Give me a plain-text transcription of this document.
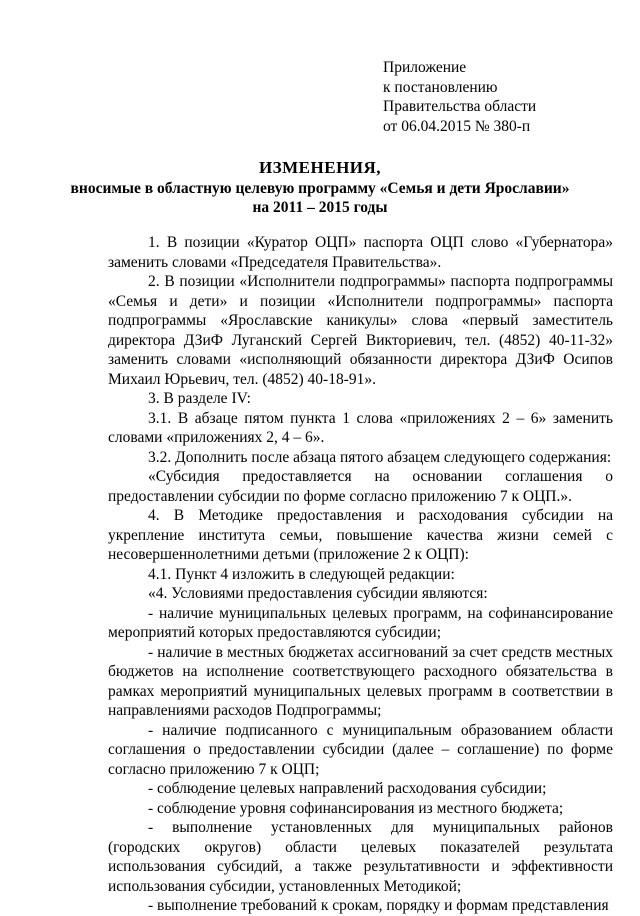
Приложение
к постановлению
Правительства области
от 06.04.2015 № 380-п
ИЗМЕНЕНИЯ,
вносимые в областную целевую программу «Семья и дети Ярославии»
на 2011 – 2015 годы

1. В позиции «Куратор ОЦП» паспорта ОЦП слово «Губернатора» заменить словами «Председателя Правительства».

2. В позиции «Исполнители подпрограммы» паспорта подпрограммы «Семья и дети» и позиции «Исполнители подпрограммы» паспорта подпрограммы «Ярославские каникулы» слова «первый заместитель директора ДЗиФ Луганский Сергей Викториевич, тел. (4852) 40-11-32» заменить словами «исполняющий обязанности директора ДЗиФ Осипов Михаил Юрьевич, тел. (4852) 40-18-91».

3. В разделе IV:

3.1. В абзаце пятом пункта 1 слова «приложениях 2 – 6» заменить словами «приложениях 2, 4 – 6».

3.2. Дополнить после абзаца пятого абзацем следующего содержания:

«Субсидия предоставляется на основании соглашения о предоставлении субсидии по форме согласно приложению 7 к ОЦП.».

4. В Методике предоставления и расходования субсидии на укрепление института семьи, повышение качества жизни семей с несовершеннолетними детьми (приложение 2 к ОЦП):

4.1. Пункт 4 изложить в следующей редакции:

«4. Условиями предоставления субсидии являются:

- наличие муниципальных целевых программ, на софинансирование мероприятий которых предоставляются субсидии;

- наличие в местных бюджетах ассигнований за счет средств местных бюджетов на исполнение соответствующего расходного обязательства в рамках мероприятий муниципальных целевых программ в соответствии в направлениями расходов Подпрограммы;

- наличие подписанного с муниципальным образованием области соглашения о предоставлении субсидии (далее – соглашение) по форме согласно приложению 7 к ОЦП;

- соблюдение целевых направлений расходования субсидии;

- соблюдение уровня софинансирования из местного бюджета;

- выполнение установленных для муниципальных районов (городских округов) области целевых показателей результата использования субсидий, а также результативности и эффективности использования субсидии, установленных Методикой;

- выполнение требований к срокам, порядку и формам представления
